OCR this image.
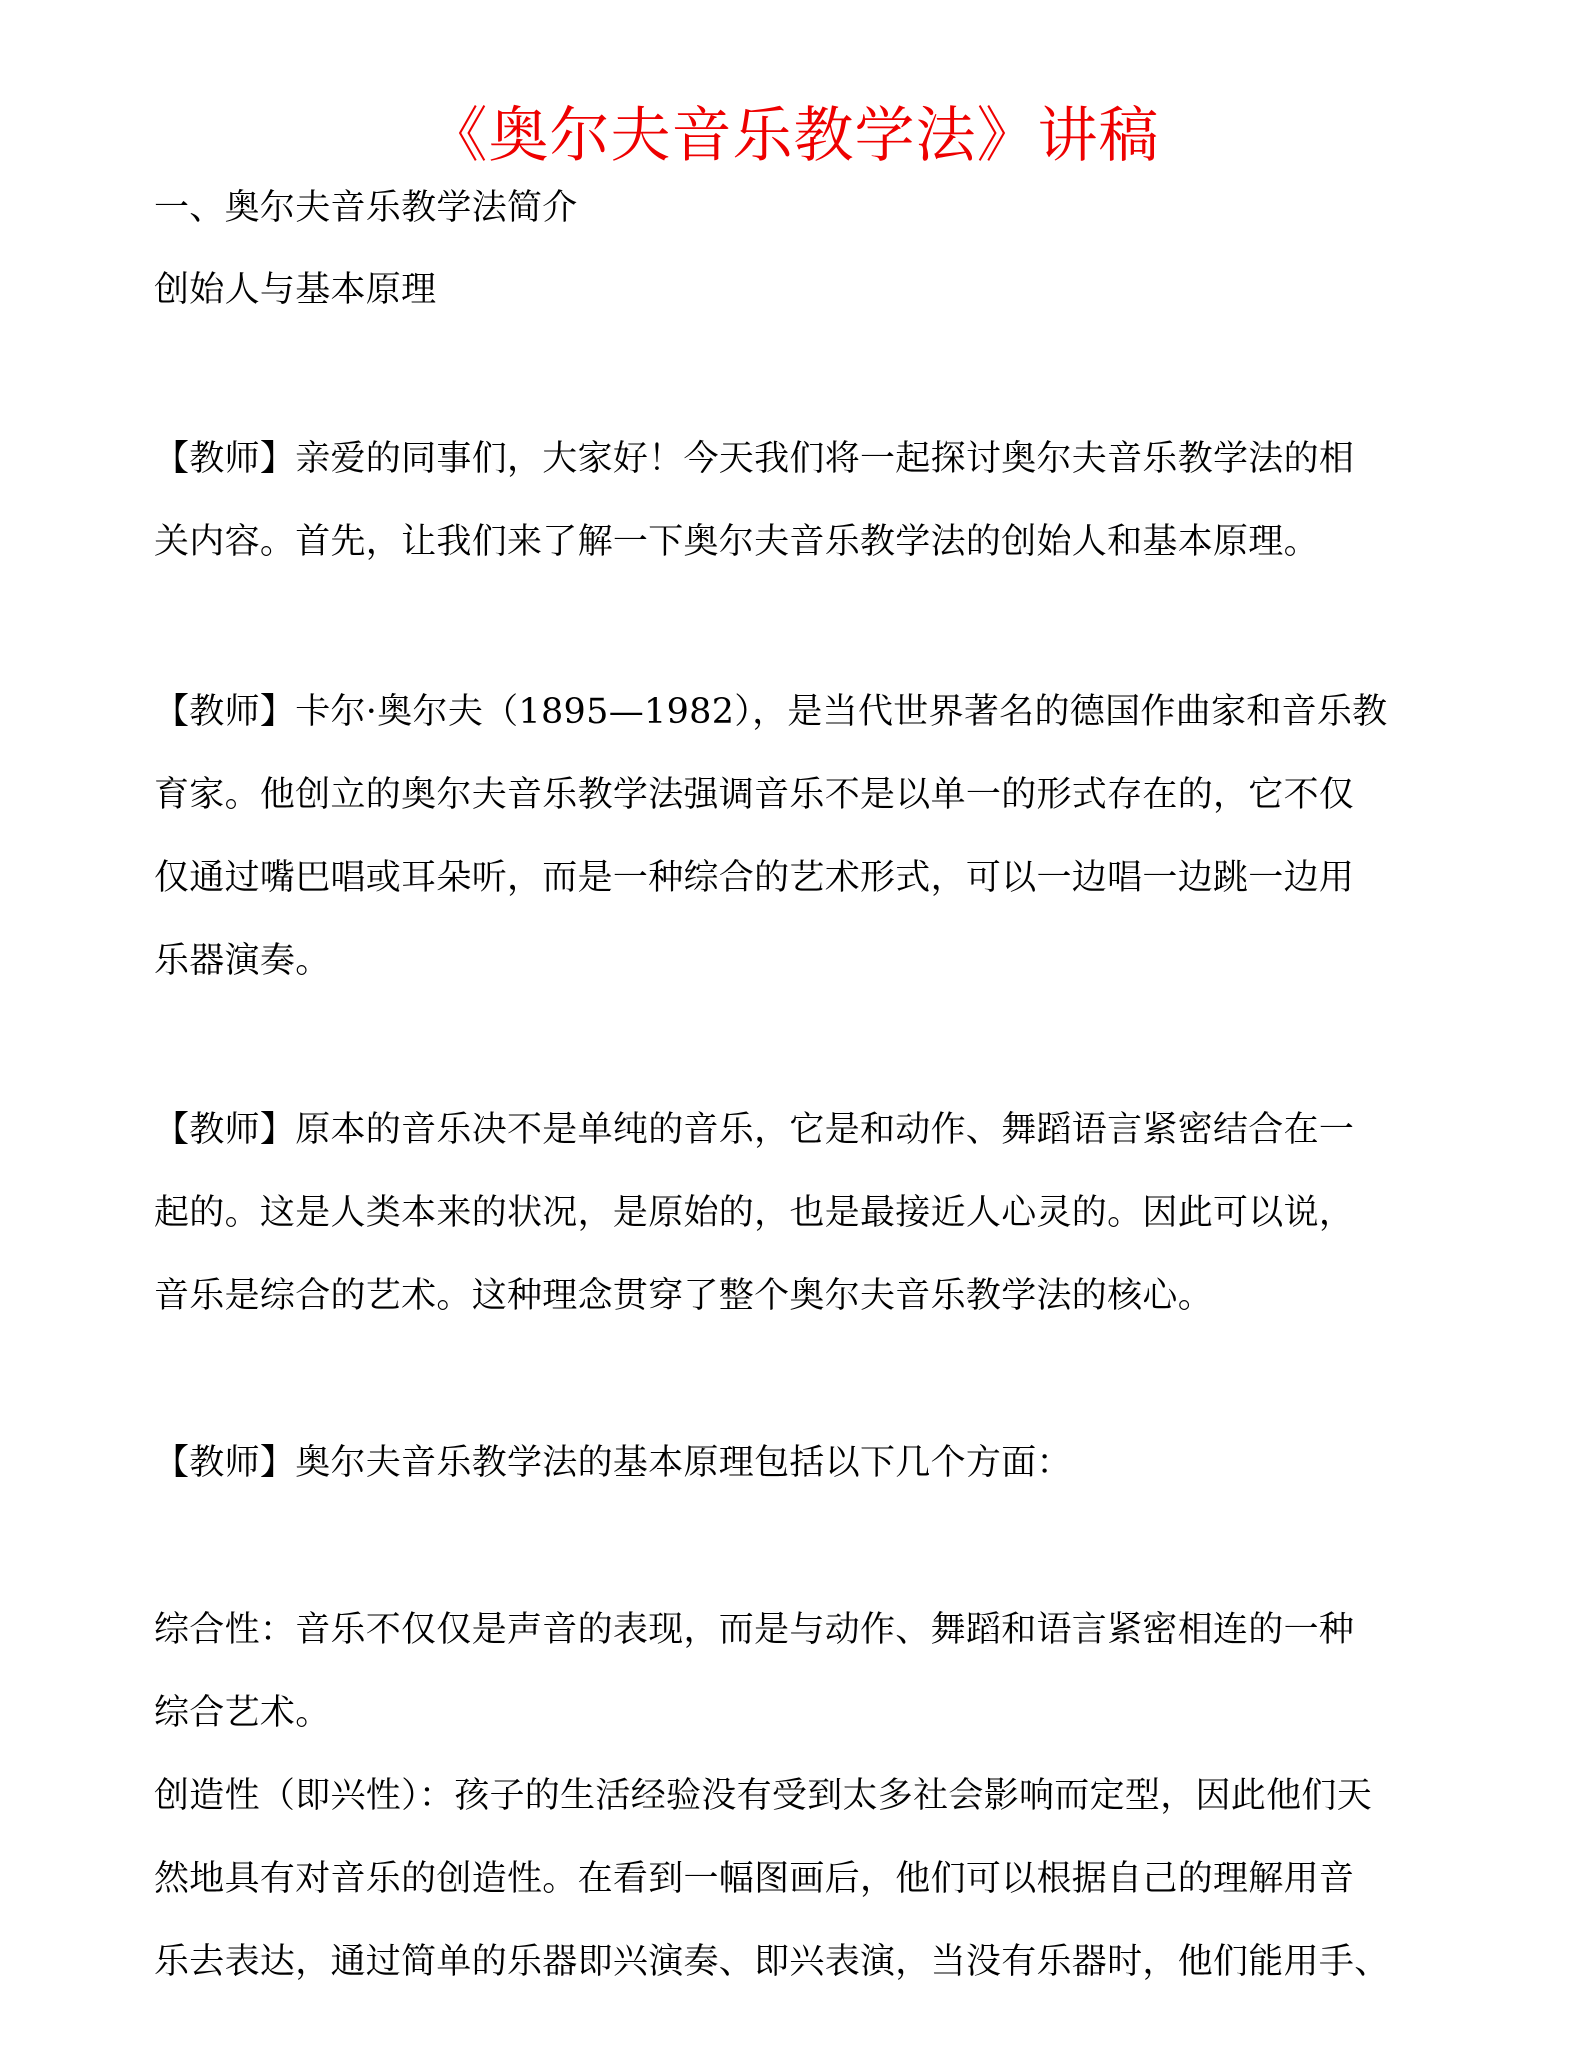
《奥尔夫音乐教学法》讲稿
一、奥尔夫音乐教学法简介
创始人与基本原理
【教师】亲爱的同事们，大家好！今天我们将一起探讨奥尔夫音乐教学法的相
关内容。首先，让我们来了解一下奥尔夫音乐教学法的创始人和基本原理。
【教师】卡尔·奥尔夫（1895—1982），是当代世界著名的德国作曲家和音乐教
育家。他创立的奥尔夫音乐教学法强调音乐不是以单一的形式存在的，它不仅
仅通过嘴巴唱或耳朵听，而是一种综合的艺术形式，可以一边唱一边跳一边用
乐器演奏。
【教师】原本的音乐决不是单纯的音乐，它是和动作、舞蹈语言紧密结合在一
起的。这是人类本来的状况，是原始的，也是最接近人心灵的。因此可以说，
音乐是综合的艺术。这种理念贯穿了整个奥尔夫音乐教学法的核心。
【教师】奥尔夫音乐教学法的基本原理包括以下几个方面：
综合性：音乐不仅仅是声音的表现，而是与动作、舞蹈和语言紧密相连的一种
综合艺术。
创造性（即兴性）：孩子的生活经验没有受到太多社会影响而定型，因此他们天
然地具有对音乐的创造性。在看到一幅图画后，他们可以根据自己的理解用音
乐去表达，通过简单的乐器即兴演奏、即兴表演，当没有乐器时，他们能用手、
